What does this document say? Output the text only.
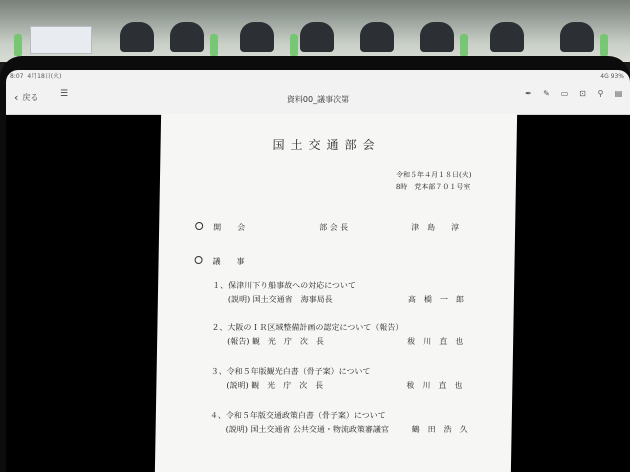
8:07 4月18日(火)	4G 93%
‹ 戻る ☰
資料00_議事次第
✒ ✎ ▭ ⊡	⚲	▤
国土交通部会
令和５年４月１８日(火)
8時　党本部７０１号室
開　　会	部 会 長	津　島　　淳
議　　事
１、保津川下り船事故への対応について
(説明) 国土交通省　海事局長	高　橋　一　郎
２、大阪のＩＲ区域整備計画の認定について（報告）
(報告) 観　光　庁　次　長	秡　川　直　也
３、令和５年版観光白書（骨子案）について
(説明) 観　光　庁　次　長	秡　川　直　也
４、令和５年版交通政策白書（骨子案）について
(説明) 国土交通省 公共交通・物流政策審議官	鶴　田　浩　久
